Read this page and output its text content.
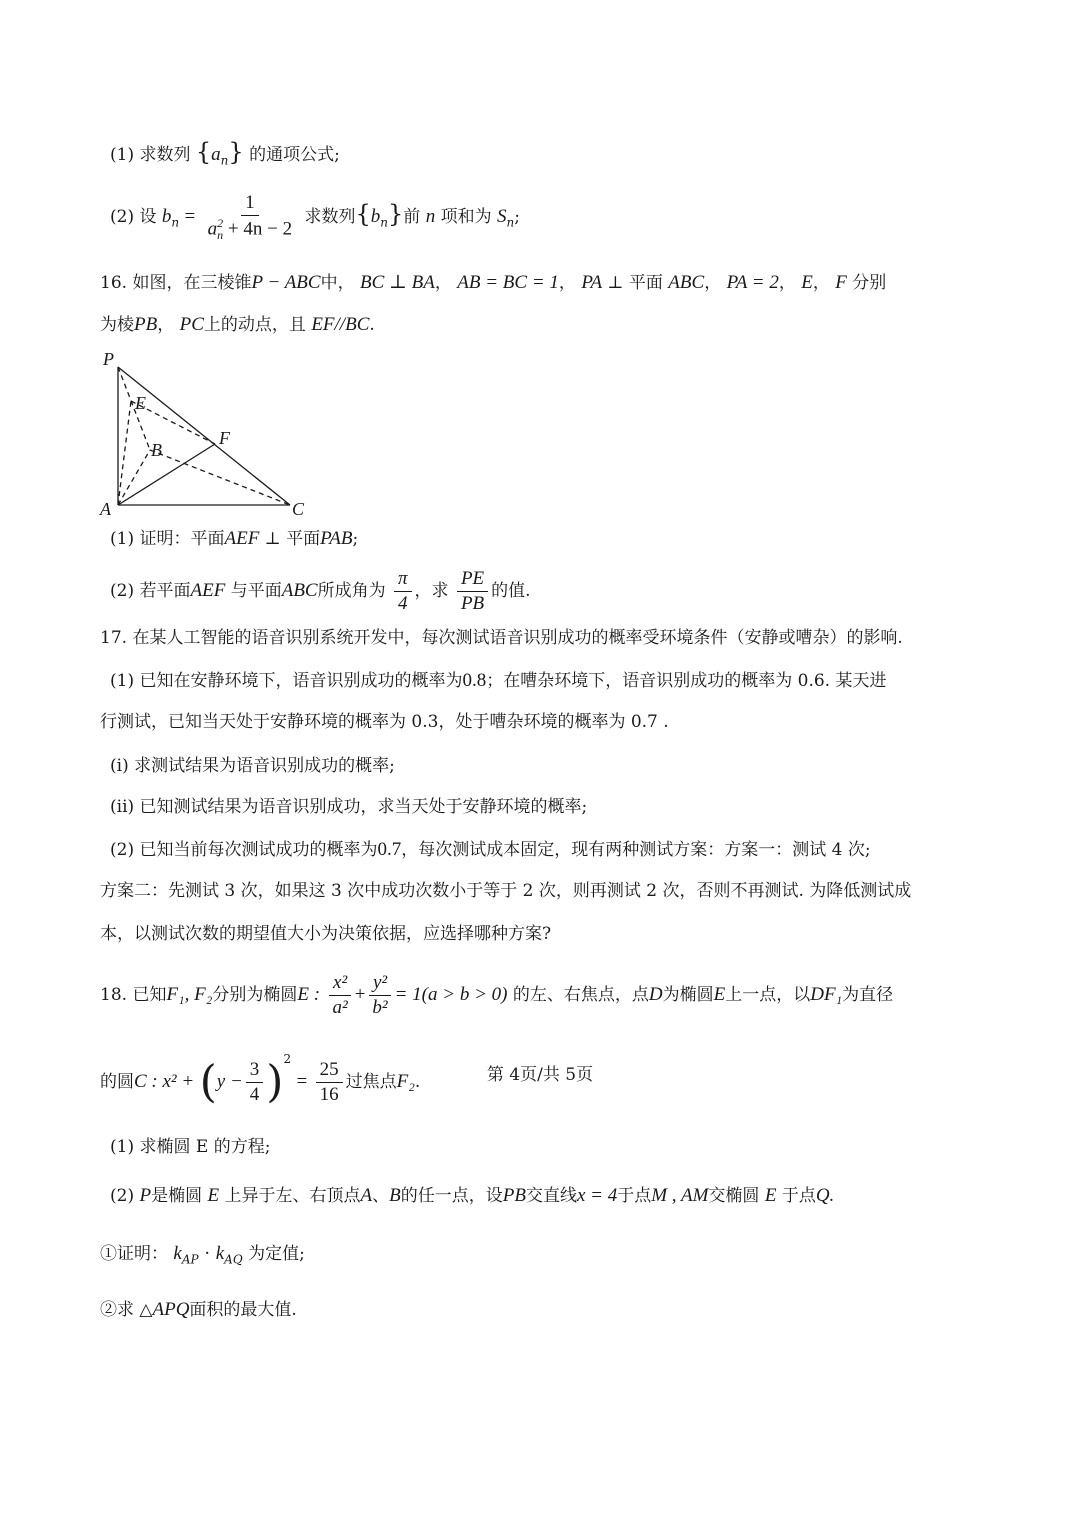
(1) 求数列 $\{a_n\}$ 的通项公式;
(2) 设 $b_n = \frac{1}{a^2_n + 4n - 2}$ 求数列$\{b_n\}$前 n 项和为 $S_n$;
16. 如图，在三棱锥P − ABC中， BC ⊥ BA， AB = BC = 1， PA ⊥ 平面 ABC， PA = 2， E， F 分别
为棱PB， PC上的动点，且 EF//BC.
P
E
F
B
A	C
(1) 证明：平面AEF ⊥ 平面PAB;
(2) 若平面AEF 与平面ABC所成角为 $\frac{\pi}{4}$ ，求 $\frac{PE}{PB}$ 的值.
17. 在某人工智能的语音识别系统开发中，每次测试语音识别成功的概率受环境条件（安静或嘈杂）的影响.
(1) 已知在安静环境下，语音识别成功的概率为0.8；在嘈杂环境下，语音识别成功的概率为 0.6. 某天进
行测试，已知当天处于安静环境的概率为 0.3，处于嘈杂环境的概率为 0.7 .
(i) 求测试结果为语音识别成功的概率;
(ii) 已知测试结果为语音识别成功，求当天处于安静环境的概率;
(2) 已知当前每次测试成功的概率为0.7，每次测试成本固定，现有两种测试方案：方案一：测试 4 次;
方案二：先测试 3 次，如果这 3 次中成功次数小于等于 2 次，则再测试 2 次，否则不再测试. 为降低测试成
本，以测试次数的期望值大小为决策依据，应选择哪种方案?
18. 已知F₁, F₂分别为椭圆E : $\frac{\text{x²}}{\text{a²}} + \frac{\text{y²}}{\text{b²}} = 1(a > b > 0)$ 的左、右焦点，点D为椭圆E上一点，以DF₁为直径
的圆C : $x^2 + (y - \frac{3}{4} )^2 = \frac{25}{16}$ 过焦点F₂.
(1) 求椭圆 E 的方程;
(2) P是椭圆 E 上异于左、右顶点A、B的任一点，设PB交直线x = 4于点M , AM交椭圆 E 于点Q.
①证明： $k_{AP} \cdot k_{AQ}$ 为定值;
②求 △APQ面积的最大值.
第 4页/共 5页
